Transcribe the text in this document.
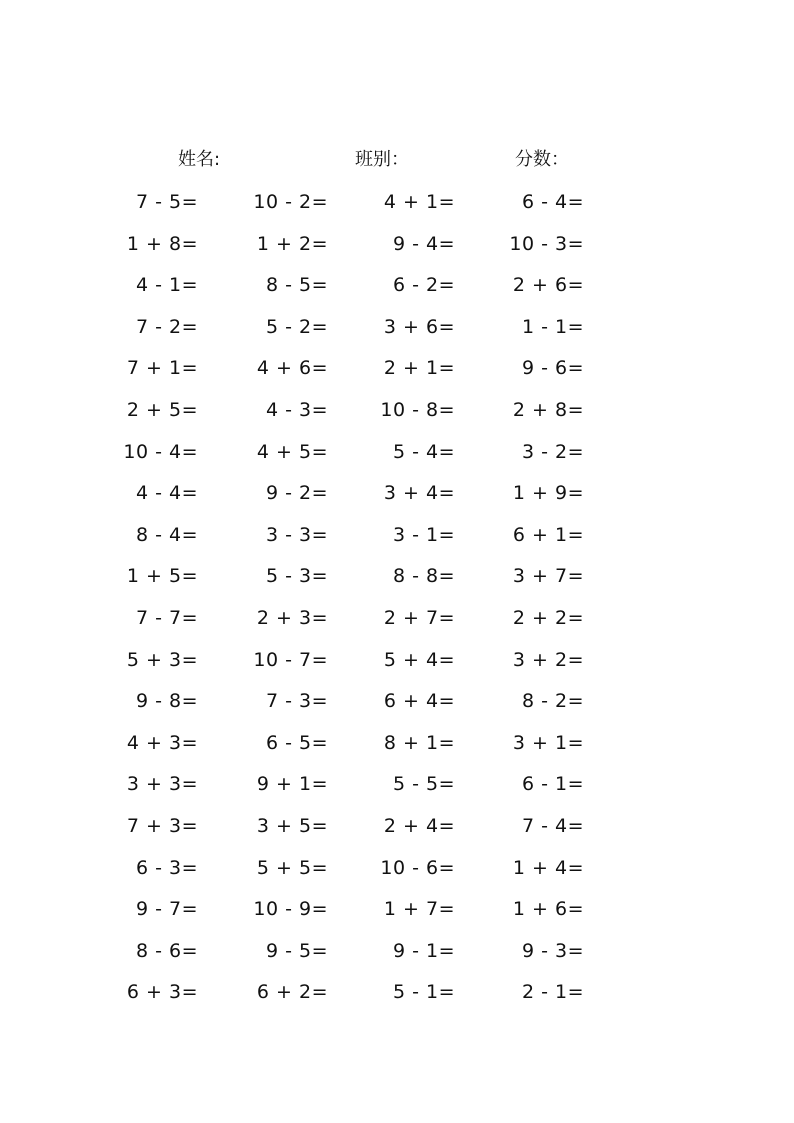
姓名:	班别：	分数：
7 - 5=	10 - 2=	4 + 1=	6 - 4=
1 + 8=	1 + 2=	9 - 4=	10 - 3=
4 - 1=	8 - 5=	6 - 2=	2 + 6=
7 - 2=	5 - 2=	3 + 6=	1 - 1=
7 + 1=	4 + 6=	2 + 1=	9 - 6=
2 + 5=	4 - 3=	10 - 8=	2 + 8=
10 - 4=	4 + 5=	5 - 4=	3 - 2=
4 - 4=	9 - 2=	3 + 4=	1 + 9=
8 - 4=	3 - 3=	3 - 1=	6 + 1=
1 + 5=	5 - 3=	8 - 8=	3 + 7=
7 - 7=	2 + 3=	2 + 7=	2 + 2=
5 + 3=	10 - 7=	5 + 4=	3 + 2=
9 - 8=	7 - 3=	6 + 4=	8 - 2=
4 + 3=	6 - 5=	8 + 1=	3 + 1=
3 + 3=	9 + 1=	5 - 5=	6 - 1=
7 + 3=	3 + 5=	2 + 4=	7 - 4=
6 - 3=	5 + 5=	10 - 6=	1 + 4=
9 - 7=	10 - 9=	1 + 7=	1 + 6=
8 - 6=	9 - 5=	9 - 1=	9 - 3=
6 + 3=	6 + 2=	5 - 1=	2 - 1=
